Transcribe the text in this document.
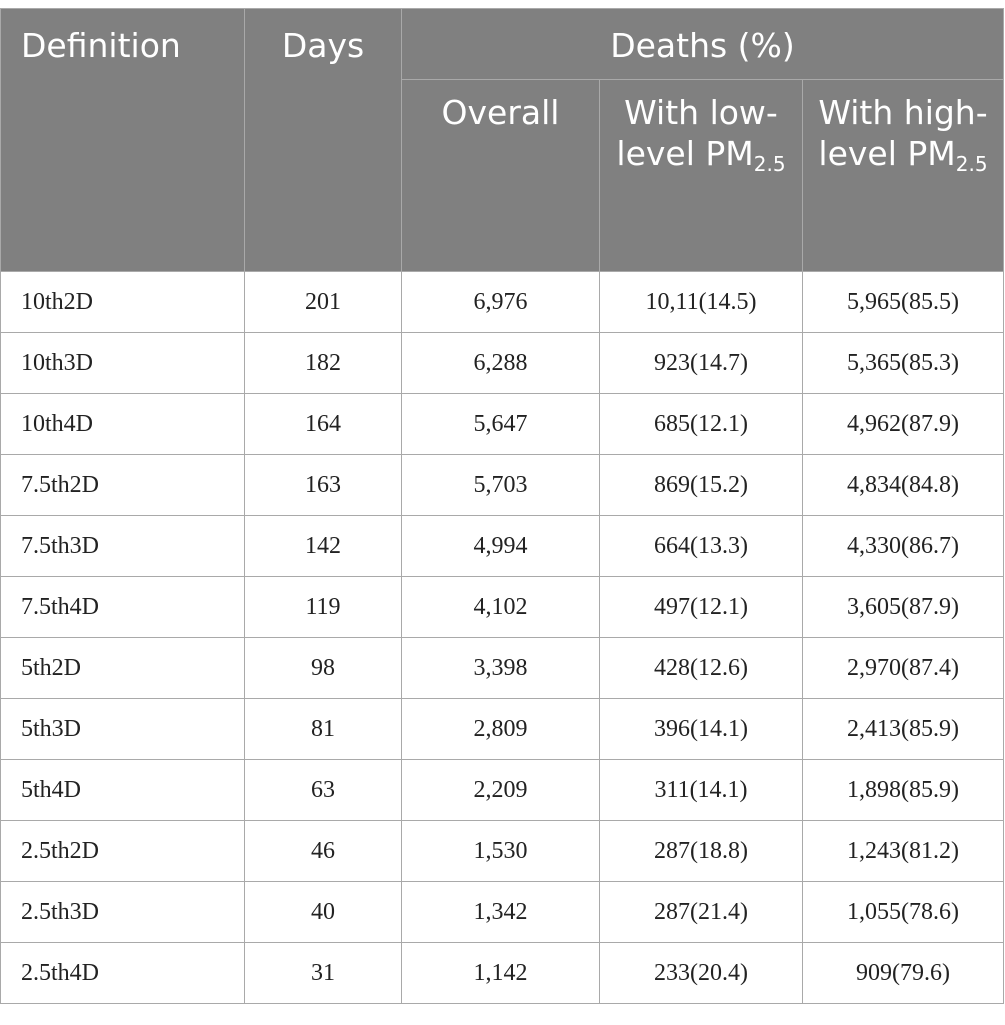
Definition	Days	Deaths (%)		
		Overall	With low-level $PM_{2.5}$	With high-level $PM_{2.5}$
10th2D	201	6,976	10,11(14.5)	5,965(85.5)
10th3D	182	6,288	923(14.7)	5,365(85.3)
10th4D	164	5,647	685(12.1)	4,962(87.9)
7.5th2D	163	5,703	869(15.2)	4,834(84.8)
7.5th3D	142	4,994	664(13.3)	4,330(86.7)
7.5th4D	119	4,102	497(12.1)	3,605(87.9)
5th2D	98	3,398	428(12.6)	2,970(87.4)
5th3D	81	2,809	396(14.1)	2,413(85.9)
5th4D	63	2,209	311(14.1)	1,898(85.9)
2.5th2D	46	1,530	287(18.8)	1,243(81.2)
2.5th3D	40	1,342	287(21.4)	1,055(78.6)
2.5th4D	31	1,142	233(20.4)	909(79.6)
